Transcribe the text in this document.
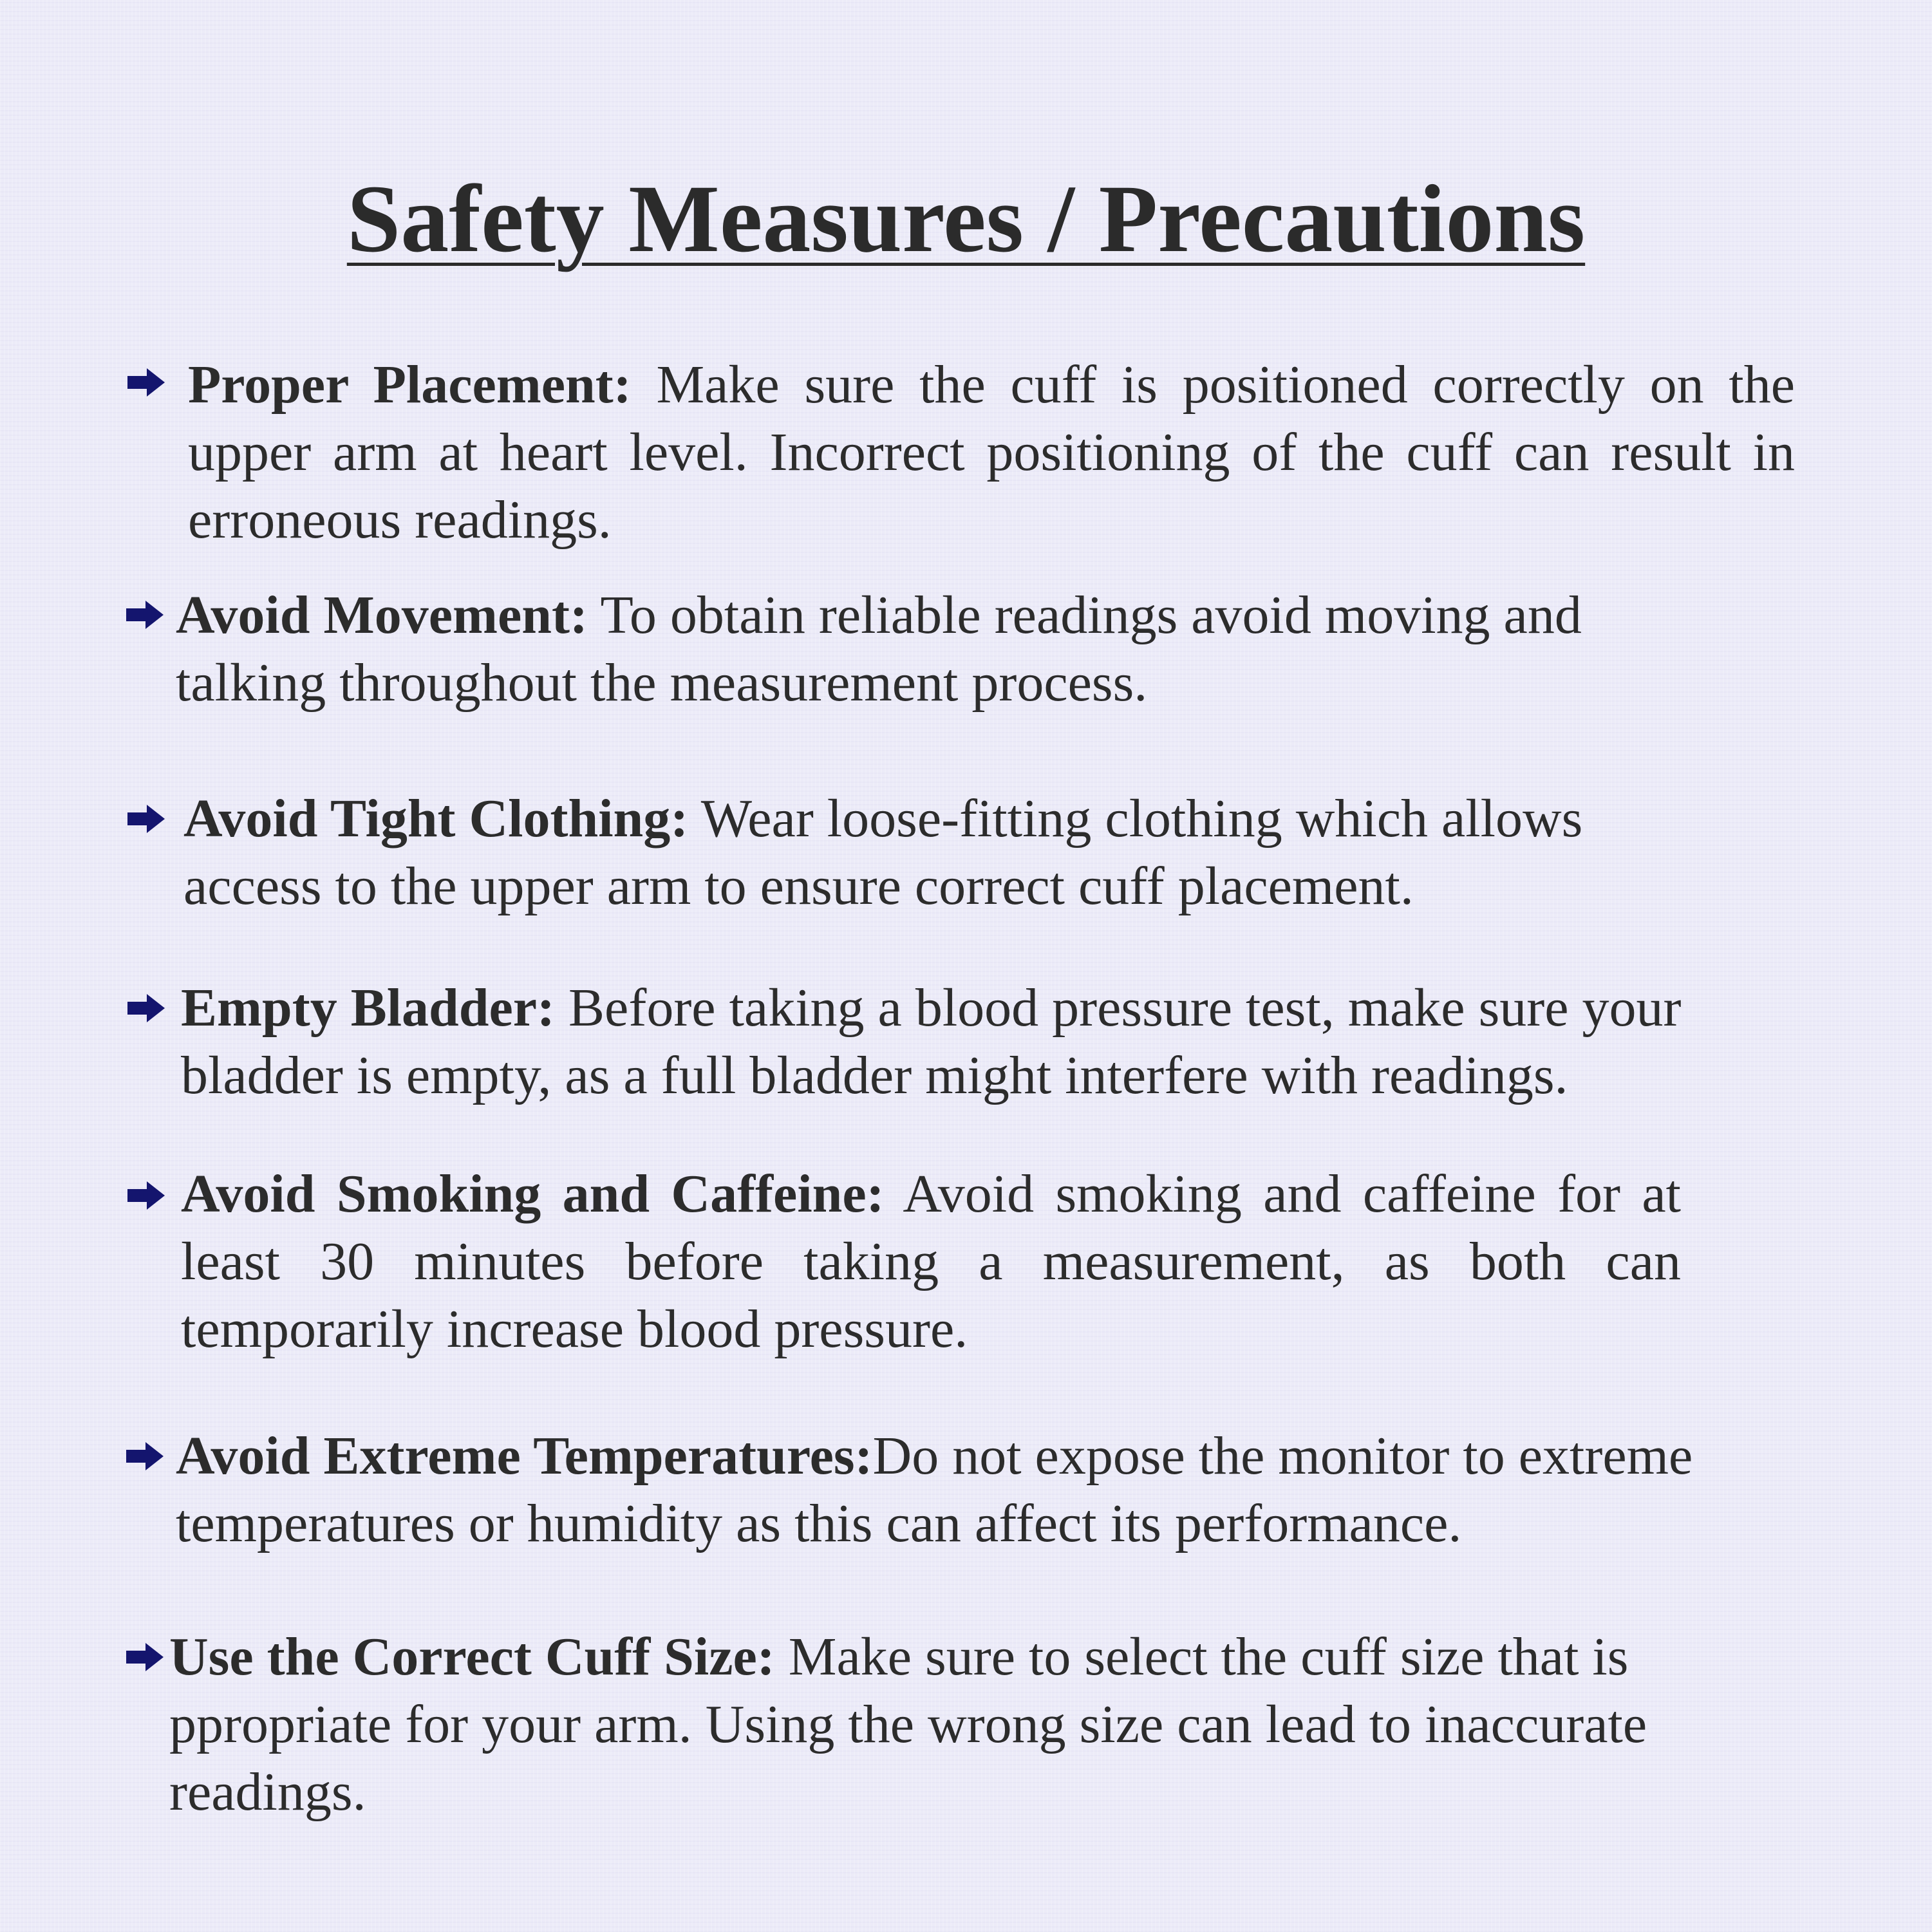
Safety Measures / Precautions
Proper Placement: Make sure the cuff is positioned correctly on the upper arm at heart level. Incorrect positioning of the cuff can result in erroneous readings.
Avoid Movement: To obtain reliable readings avoid moving and talking throughout the measurement process.
Avoid Tight Clothing: Wear loose-fitting clothing which allows access to the upper arm to ensure correct cuff placement.
Empty Bladder: Before taking a blood pressure test, make sure your bladder is empty, as a full bladder might interfere with readings.
Avoid Smoking and Caffeine: Avoid smoking and caffeine for at least 30 minutes before taking a measurement, as both can temporarily increase blood pressure.
Avoid Extreme Temperatures:Do not expose the monitor to extreme temperatures or humidity as this can affect its performance.
Use the Correct Cuff Size: Make sure to select the cuff size that is ppropriate for your arm. Using the wrong size can lead to inaccurate readings.
